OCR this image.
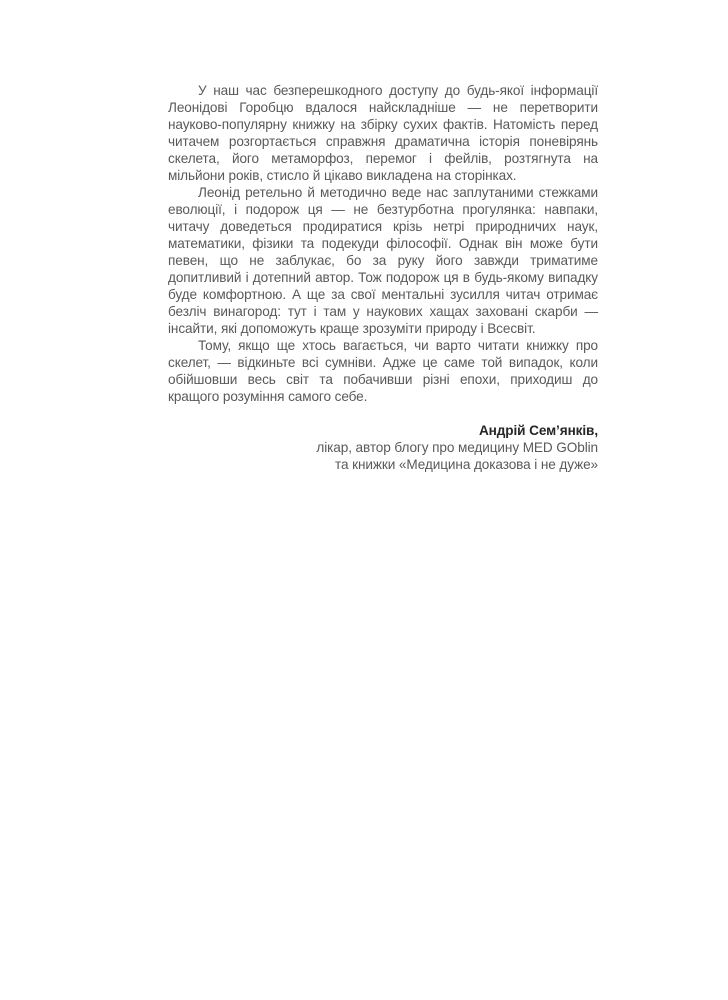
У наш час безперешкодного доступу до будь-якої інформації Леонідові Горобцю вдалося найскладніше — не перетворити науково-популярну книжку на збірку сухих фактів. Натомість перед читачем розгортається справжня драматична історія поневірянь скелета, його метаморфоз, перемог і фейлів, розтягнута на мільйони років, стисло й цікаво викладена на сторінках.

Леонід ретельно й методично веде нас заплутаними стежками еволюції, і подорож ця — не безтурботна прогулянка: навпаки, читачу доведеться продиратися крізь нетрі природничих наук, математики, фізики та подекуди філософії. Однак він може бути певен, що не заблукає, бо за руку його завжди триматиме допитливий і дотепний автор. Тож подорож ця в будь-якому випадку буде комфортною. А ще за свої ментальні зусилля читач отримає безліч винагород: тут і там у наукових хащах заховані скарби — інсайти, які допоможуть краще зрозуміти природу і Всесвіт.

Тому, якщо ще хтось вагається, чи варто читати книжку про скелет, — відкиньте всі сумніви. Адже це саме той випадок, коли обійшовши весь світ та побачивши різні епохи, приходиш до кращого розуміння самого себе.

Андрій Сем’янків,
лікар, автор блогу про медицину MED GOblin
та книжки «Медицина доказова і не дуже»
